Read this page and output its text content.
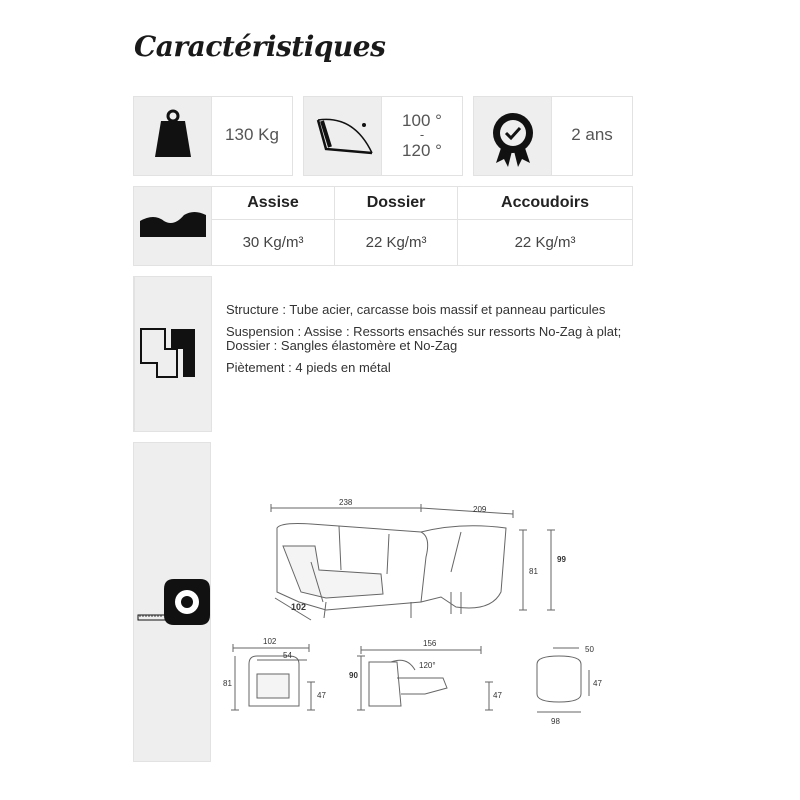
Caractéristiques
130 Kg
100 °
-
120 °
2 ans
Assise	Dossier	Accoudoirs
30 Kg/m³	22 Kg/m³	22 Kg/m³

Structure : Tube acier, carcasse bois massif et panneau particules

Suspension : Assise : Ressorts ensachés sur ressorts No-Zag à plat; Dossier : Sangles élastomère et No-Zag

Piètement : 4 pieds en métal

238
209
102
81
99
102
54
81
47
156
120°
90
47
50
47
98
